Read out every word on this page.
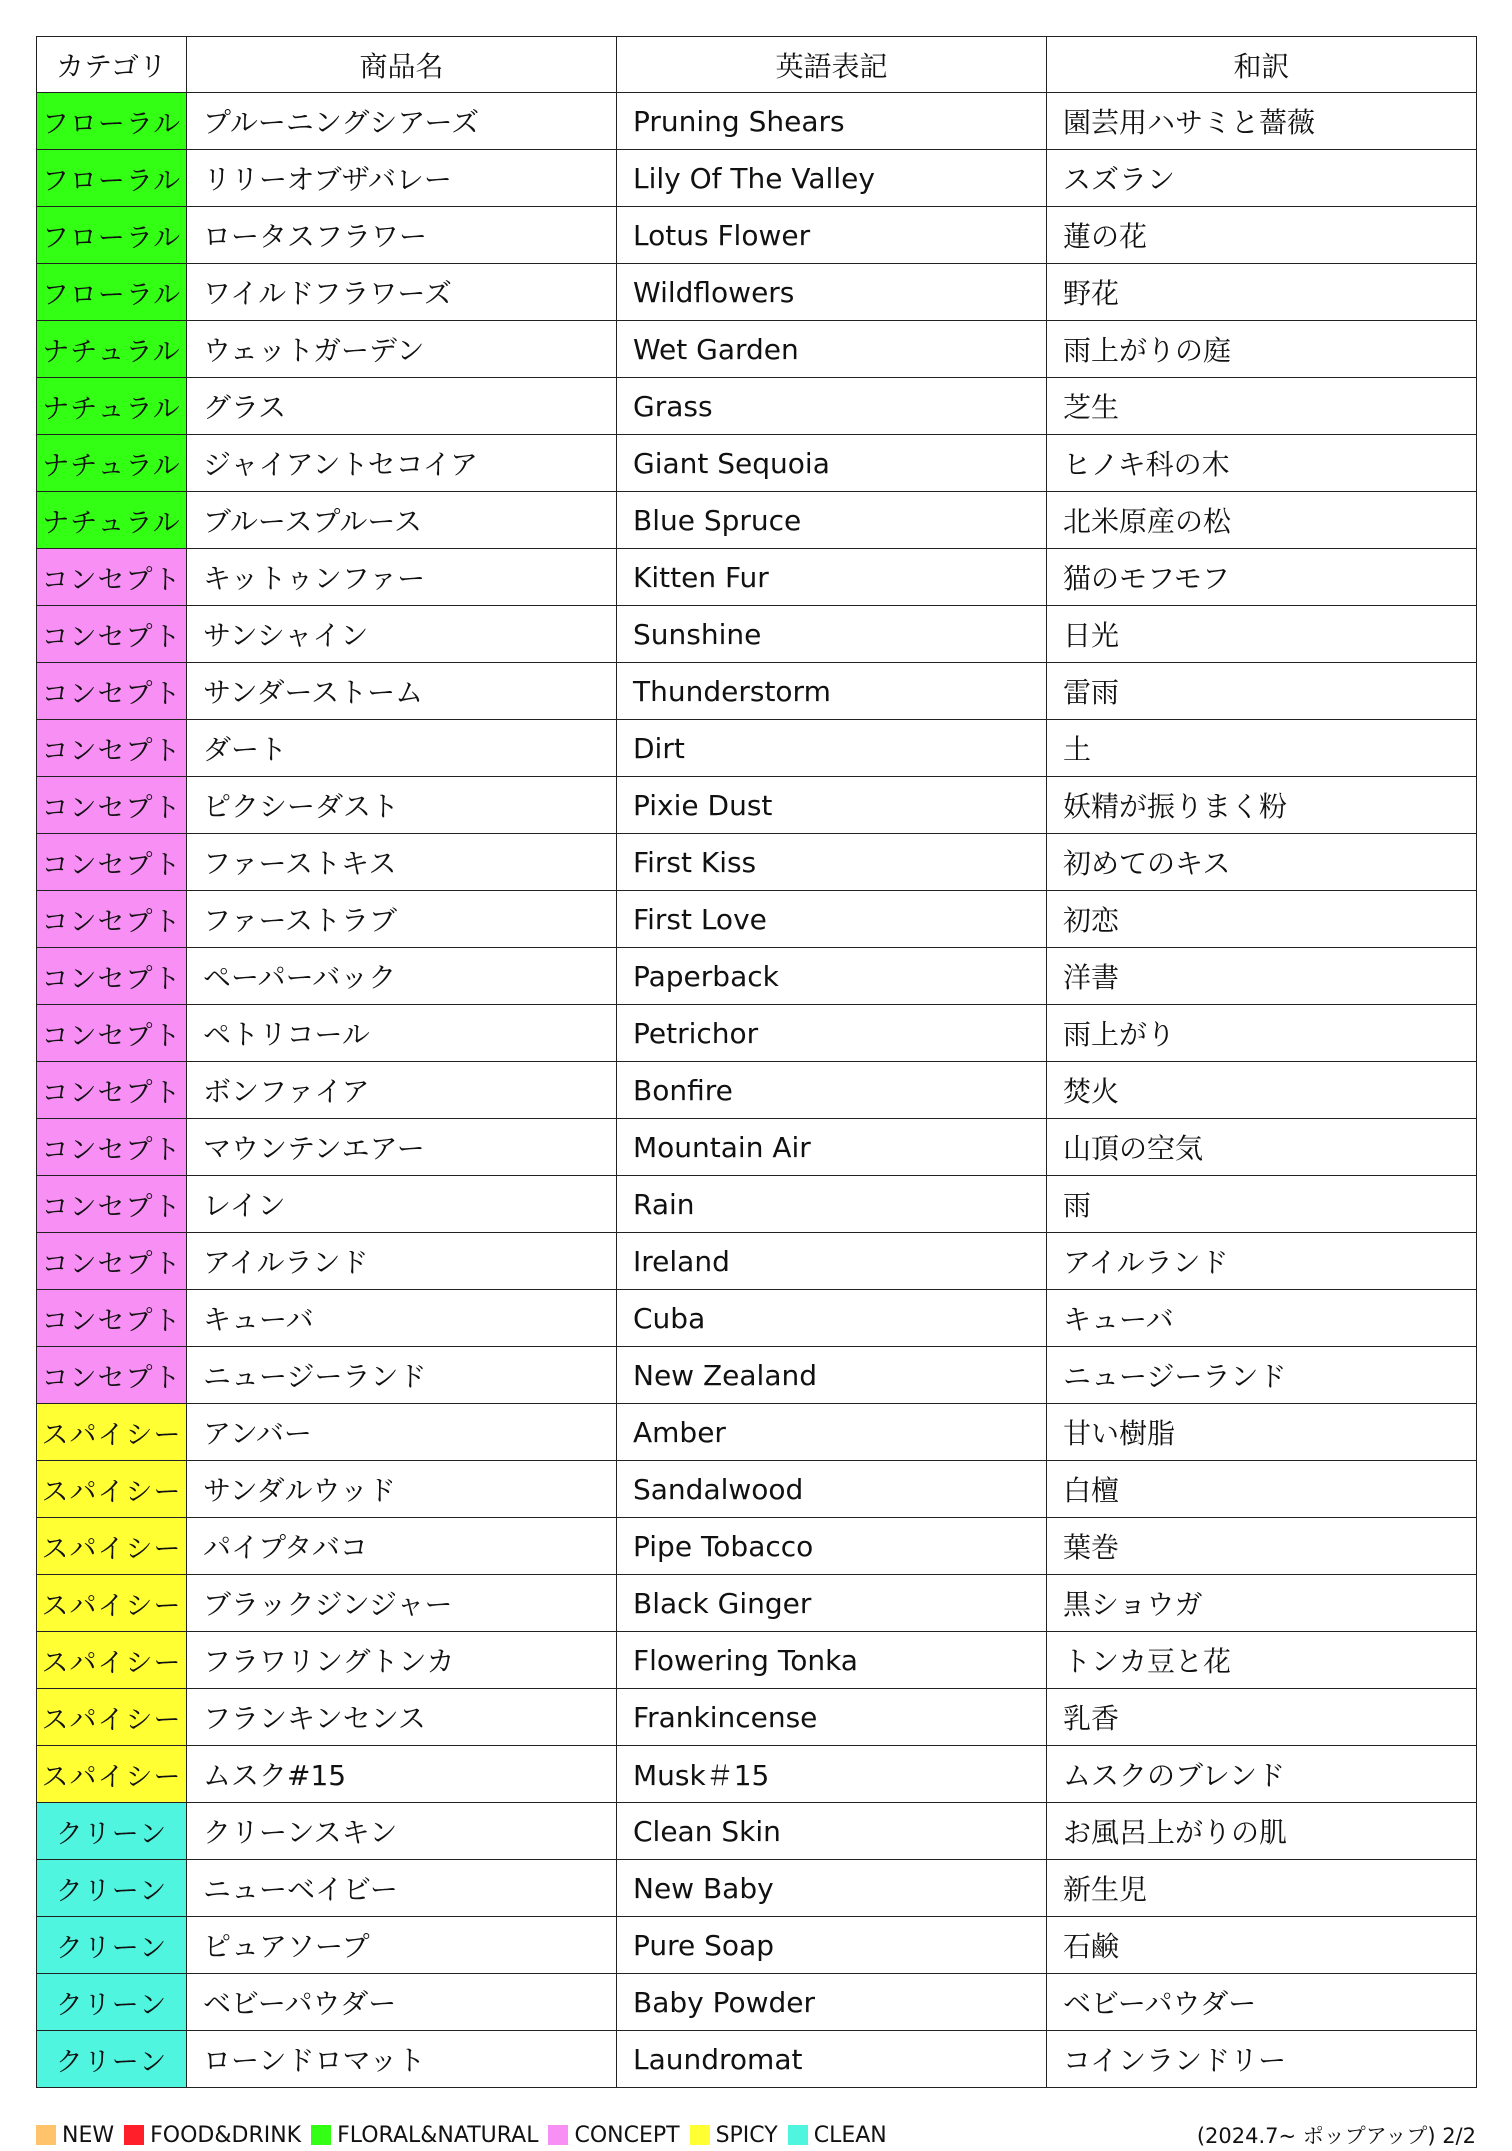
カテゴリ	商品名	英語表記	和訳
フローラル	プルーニングシアーズ	Pruning Shears	園芸用ハサミと薔薇
フローラル	リリーオブザバレー	Lily Of The Valley	スズラン
フローラル	ロータスフラワー	Lotus Flower	蓮の花
フローラル	ワイルドフラワーズ	Wildflowers	野花
ナチュラル	ウェットガーデン	Wet Garden	雨上がりの庭
ナチュラル	グラス	Grass	芝生
ナチュラル	ジャイアントセコイア	Giant Sequoia	ヒノキ科の木
ナチュラル	ブルースプルース	Blue Spruce	北米原産の松
コンセプト	キットゥンファー	Kitten Fur	猫のモフモフ
コンセプト	サンシャイン	Sunshine	日光
コンセプト	サンダーストーム	Thunderstorm	雷雨
コンセプト	ダート	Dirt	土
コンセプト	ピクシーダスト	Pixie Dust	妖精が振りまく粉
コンセプト	ファーストキス	First Kiss	初めてのキス
コンセプト	ファーストラブ	First Love	初恋
コンセプト	ペーパーバック	Paperback	洋書
コンセプト	ペトリコール	Petrichor	雨上がり
コンセプト	ボンファイア	Bonfire	焚火
コンセプト	マウンテンエアー	Mountain Air	山頂の空気
コンセプト	レイン	Rain	雨
コンセプト	アイルランド	Ireland	アイルランド
コンセプト	キューバ	Cuba	キューバ
コンセプト	ニュージーランド	New Zealand	ニュージーランド
スパイシー	アンバー	Amber	甘い樹脂
スパイシー	サンダルウッド	Sandalwood	白檀
スパイシー	パイプタバコ	Pipe Tobacco	葉巻
スパイシー	ブラックジンジャー	Black Ginger	黒ショウガ
スパイシー	フラワリングトンカ	Flowering Tonka	トンカ豆と花
スパイシー	フランキンセンス	Frankincense	乳香
スパイシー	ムスク#15	Musk＃15	ムスクのブレンド
クリーン	クリーンスキン	Clean Skin	お風呂上がりの肌
クリーン	ニューベイビー	New Baby	新生児
クリーン	ピュアソープ	Pure Soap	石鹸
クリーン	ベビーパウダー	Baby Powder	ベビーパウダー
クリーン	ローンドロマット	Laundromat	コインランドリー
NEW FOOD&DRINK FLORAL&NATURAL CONCEPT SPICY CLEAN	(2024.7~ ポップアップ) 2/2
